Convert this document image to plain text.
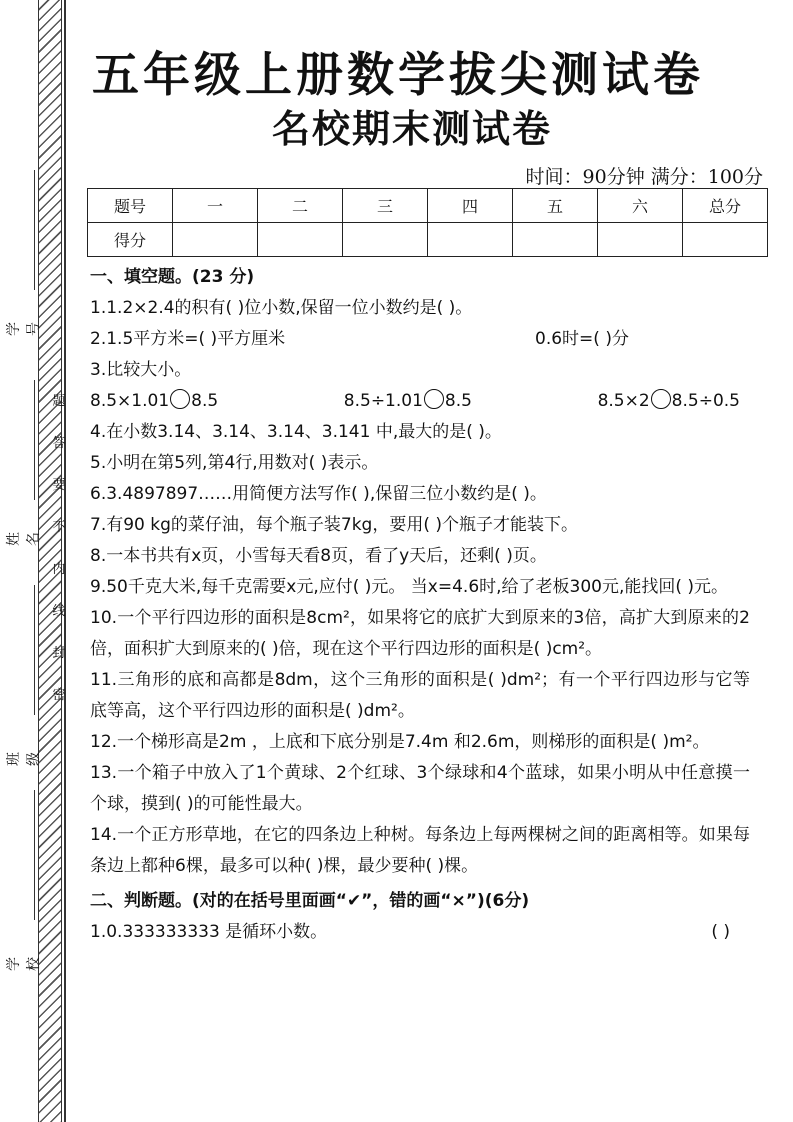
题
答
要
不
内
线
封
密
学号
姓名
班级
学校
五年级上册数学拔尖测试卷
名校期末测试卷
时间：90分钟 满分：100分
题号	一	二	三	四	五	六	总分
得分							
一、填空题。(23 分)
1.1.2×2.4的积有( )位小数,保留一位小数约是( )。
2.1.5平方米=( )平方厘米	0.6时=( )分
3.比较大小。
8.5×1.01 8.5	8.5÷1.01 8.5	8.5×2 8.5÷0.5
4.在小数3.1̇4̇、3.14̇、3.14、3.141 中,最大的是( )。
5.小明在第5列,第4行,用数对( )表示。
6.3.4897897……用简便方法写作( ),保留三位小数约是( )。
7.有90 kg的菜仔油，每个瓶子装7kg，要用( )个瓶子才能装下。
8.一本书共有x页，小雪每天看8页，看了y天后，还剩( )页。
9.50千克大米,每千克需要x元,应付( )元。 当x=4.6时,给了老板300元,能找回( )元。
10.一个平行四边形的面积是8cm²，如果将它的底扩大到原来的3倍，高扩大到原来的2倍，面积扩大到原来的( )倍，现在这个平行四边形的面积是( )cm²。
11.三角形的底和高都是8dm，这个三角形的面积是( )dm²；有一个平行四边形与它等底等高，这个平行四边形的面积是( )dm²。
12.一个梯形高是2m ，上底和下底分别是7.4m 和2.6m，则梯形的面积是( )m²。
13.一个箱子中放入了1个黄球、2个红球、3个绿球和4个蓝球，如果小明从中任意摸一个球，摸到( )的可能性最大。
14.一个正方形草地，在它的四条边上种树。每条边上每两棵树之间的距离相等。如果每条边上都种6棵，最多可以种( )棵，最少要种( )棵。
二、判断题。(对的在括号里面画“✔”，错的画“×”)(6分)
1.0.333333333 是循环小数。	( )
